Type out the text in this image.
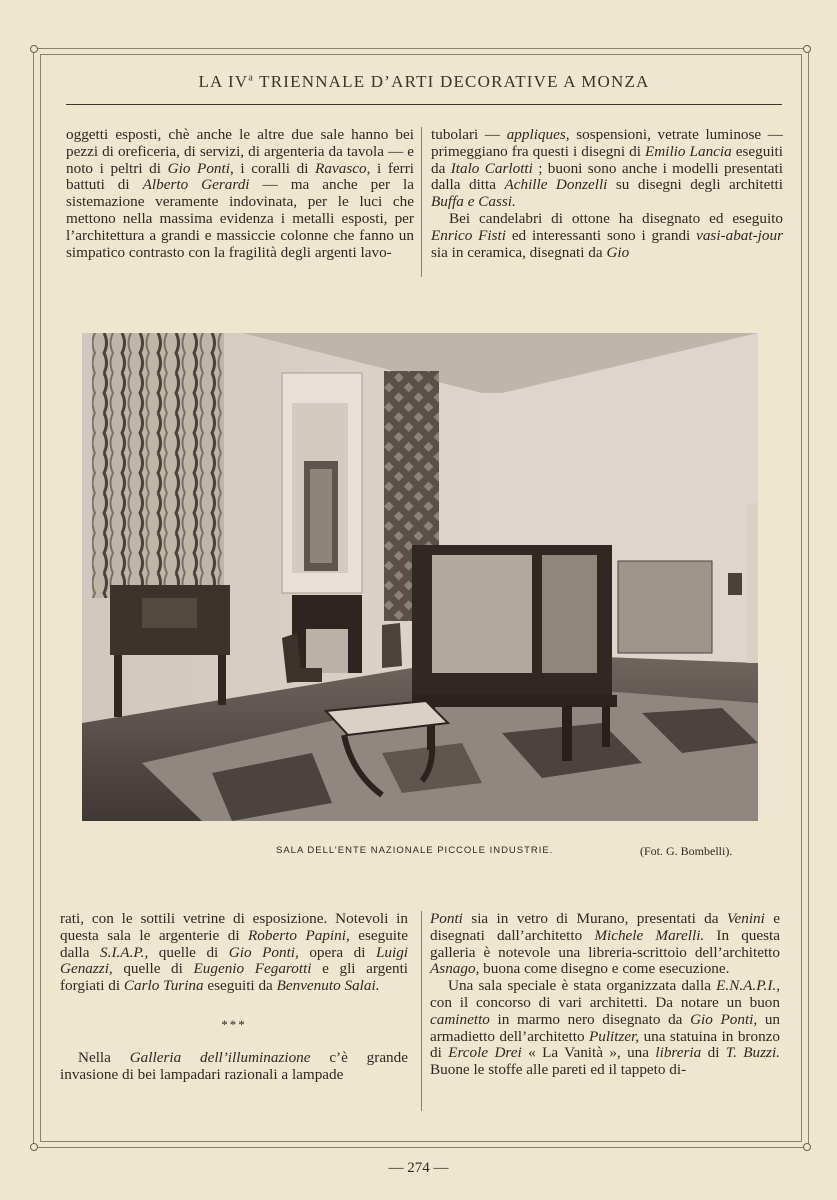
LA $IV^a$ TRIENNALE D’ARTI DECORATIVE A MONZA

oggetti esposti, chè anche le altre due sale hanno bei pezzi di oreficeria, di servizi, di argenteria da tavola — e noto i peltri di Gio Ponti, i coralli di Ravasco, i ferri battuti di Alberto Gerardi — ma anche per la sistemazione veramente indovinata, per le luci che mettono nella massima evidenza i metalli esposti, per l’architettura a grandi e massiccie colonne che fanno un simpatico contrasto con la fragilità degli argenti lavo-

tubolari — appliques, sospensioni, vetrate luminose — primeggiano fra questi i disegni di Emilio Lancia eseguiti da Italo Carlotti ; buoni sono anche i modelli presentati dalla ditta Achille Donzelli su disegni degli architetti Buffa e Cassi.

Bei candelabri di ottone ha disegnato ed eseguito Enrico Fisti ed interessanti sono i grandi vasi-abat-jour sia in ceramica, disegnati da Gio

SALA DELL’ENTE NAZIONALE PICCOLE INDUSTRIE.	(Fot. G. Bombelli).

rati, con le sottili vetrine di esposizione. Notevoli in questa sala le argenterie di Roberto Papini, eseguite dalla S.I.A.P., quelle di Gio Ponti, opera di Luigi Genazzi, quelle di Eugenio Fegarotti e gli argenti forgiati di Carlo Turina eseguiti da Benvenuto Salai.

***

Nella Galleria dell’illuminazione c’è grande invasione di bei lampadari razionali a lampade

Ponti sia in vetro di Murano, presentati da Venini e disegnati dall’architetto Michele Marelli. In questa galleria è notevole una libreria-scrittoio dell’architetto Asnago, buona come disegno e come esecuzione.

Una sala speciale è stata organizzata dalla E.N.A.P.I., con il concorso di vari architetti. Da notare un buon caminetto in marmo nero disegnato da Gio Ponti, un armadietto dell’architetto Pulitzer, una statuina in bronzo di Ercole Drei « La Vanità », una libreria di T. Buzzi. Buone le stoffe alle pareti ed il tappeto di-

— 274 —
